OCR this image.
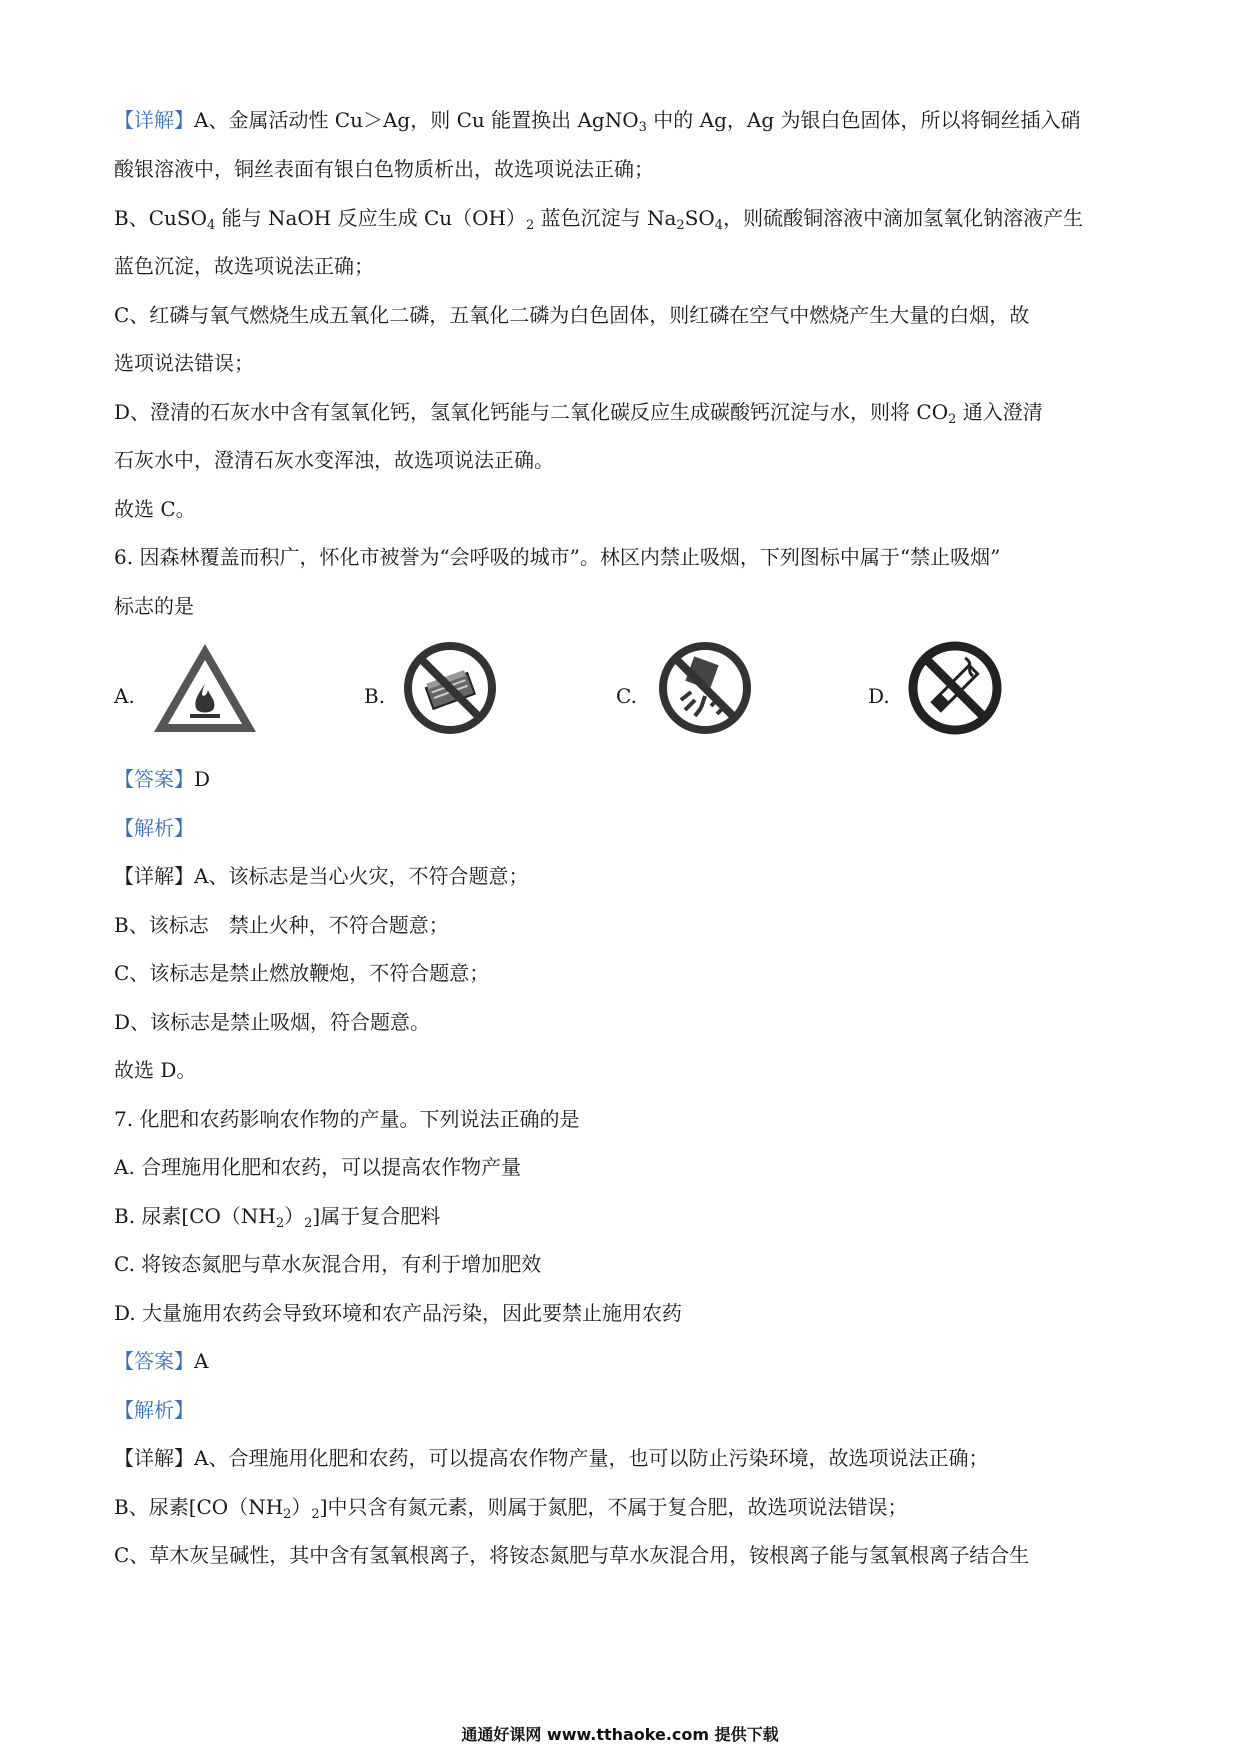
【详解】A、金属活动性 Cu＞Ag，则 Cu 能置换出 AgNO$_3$ 中的 Ag，Ag 为银白色固体，所以将铜丝插入硝
酸银溶液中，铜丝表面有银白色物质析出，故选项说法正确；
B、CuSO$_4$ 能与 NaOH 反应生成 $Cu(OH)_2$ 蓝色沉淀与 $Na_2SO_4$，则硫酸铜溶液中滴加氢氧化钠溶液产生
蓝色沉淀，故选项说法正确；
C、红磷与氧气燃烧生成五氧化二磷，五氧化二磷为白色固体，则红磷在空气中燃烧产生大量的白烟，故
选项说法错误；
D、澄清的石灰水中含有氢氧化钙，氢氧化钙能与二氧化碳反应生成碳酸钙沉淀与水，则将 $CO_2$ 通入澄清
石灰水中，澄清石灰水变浑浊，故选项说法正确。
故选 C。
6. 因森林覆盖而积广，怀化市被誉为“会呼吸的城市”。林区内禁止吸烟，下列图标中属于“禁止吸烟”
标志的是
A.	B.	C.	D.
【答案】D
【解析】
【详解】A、该标志是当心火灾，不符合题意；
B、该标志　禁止火种，不符合题意；
C、该标志是禁止燃放鞭炮，不符合题意；
D、该标志是禁止吸烟，符合题意。
故选 D。
7. 化肥和农药影响农作物的产量。下列说法正确的是
A. 合理施用化肥和农药，可以提高农作物产量
B. 尿素$[CO(NH_2)_2]$属于复合肥料
C. 将铵态氮肥与草水灰混合用，有利于增加肥效
D. 大量施用农药会导致环境和农产品污染，因此要禁止施用农药
【答案】A
【解析】
【详解】A、合理施用化肥和农药，可以提高农作物产量，也可以防止污染环境，故选项说法正确；
B、尿素$[CO(NH_2)_2]$中只含有氮元素，则属于氮肥，不属于复合肥，故选项说法错误；
C、草木灰呈碱性，其中含有氢氧根离子，将铵态氮肥与草水灰混合用，铵根离子能与氢氧根离子结合生
通通好课网 www.tthaoke.com 提供下载
